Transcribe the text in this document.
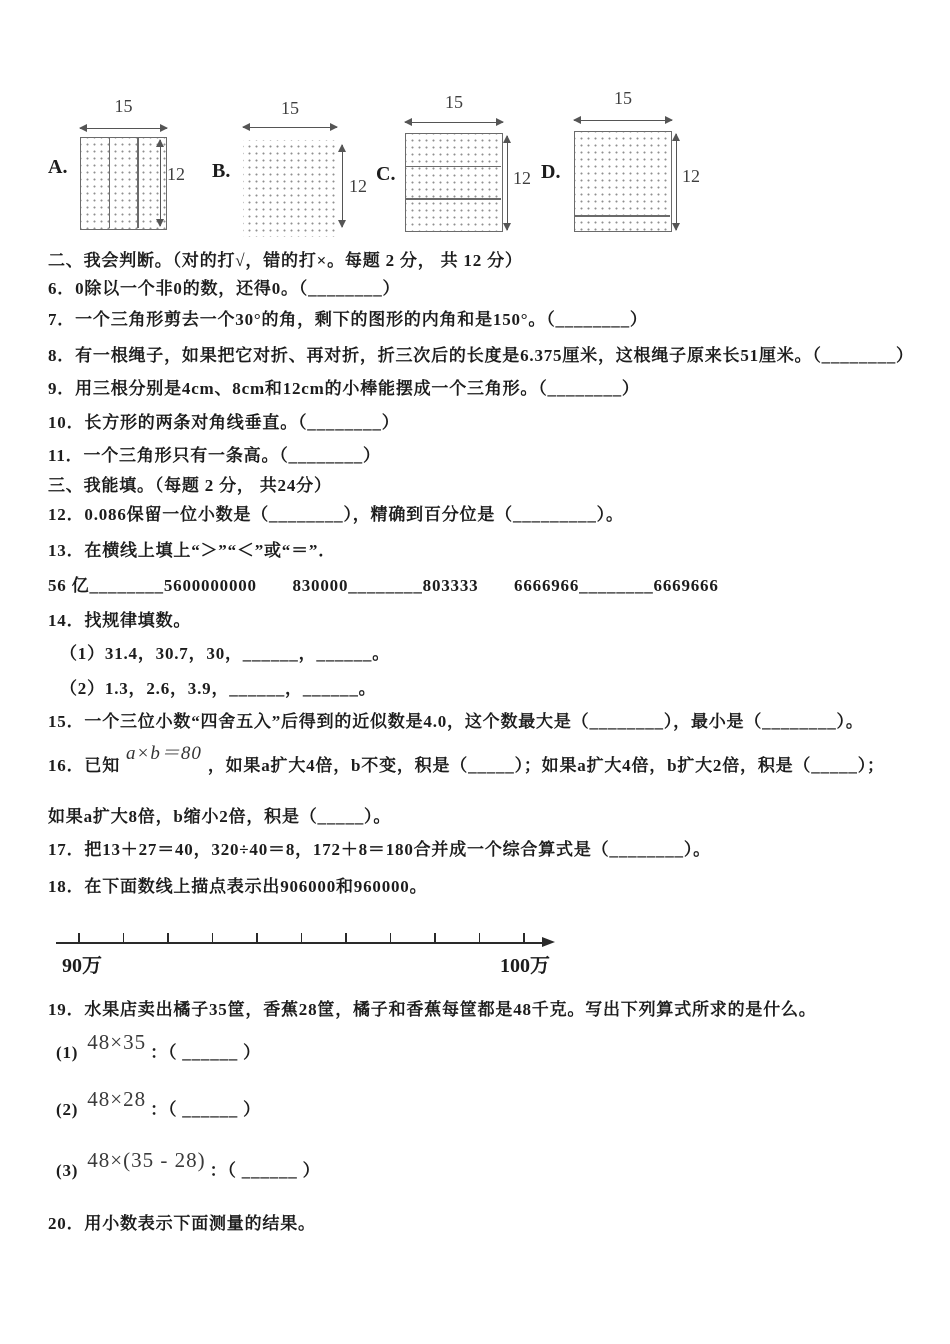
A.
15
12 B.
15
12
C.
15
12 D.
15
12

二、我会判断。（对的打√，错的打×。每题 2 分， 共 12 分）

6．0除以一个非0的数，还得0。（________）

7．一个三角形剪去一个30°的角，剩下的图形的内角和是150°。（________）

8．有一根绳子，如果把它对折、再对折，折三次后的长度是6.375厘米，这根绳子原来长51厘米。（________）

9．用三根分别是4cm、8cm和12cm的小棒能摆成一个三角形。（________）

10．长方形的两条对角线垂直。（________）

11．一个三角形只有一条高。（________）

三、我能填。（每题 2 分， 共24分）

12．0.086保留一位小数是（________），精确到百分位是（_________）。

13．在横线上填上“＞”“＜”或“＝”．

56 亿________5600000000　　830000________803333　　6666966________6669666

14．找规律填数。

（1）31.4，30.7，30，______，______。

（2）1.3，2.6，3.9，______，______。

15．一个三位小数“四舍五入”后得到的近似数是4.0，这个数最大是（________），最小是（________）。

16．已知a×b＝80，如果a扩大4倍，b不变，积是（_____）；如果a扩大4倍，b扩大2倍，积是（_____）；

如果a扩大8倍，b缩小2倍，积是（_____）。

17．把13＋27＝40，320÷40＝8，172＋8＝180合并成一个综合算式是（________）。

18．在下面数线上描点表示出906000和960000。

90万	100万

19．水果店卖出橘子35筐，香蕉28筐，橘子和香蕉每筐都是48千克。写出下列算式所求的是什么。

(1) 48×35 ：（ ______ ）
(2) 48×28 ：（ ______ ）
(3) 48×(35 - 28) ：（ ______ ）

20．用小数表示下面测量的结果。
